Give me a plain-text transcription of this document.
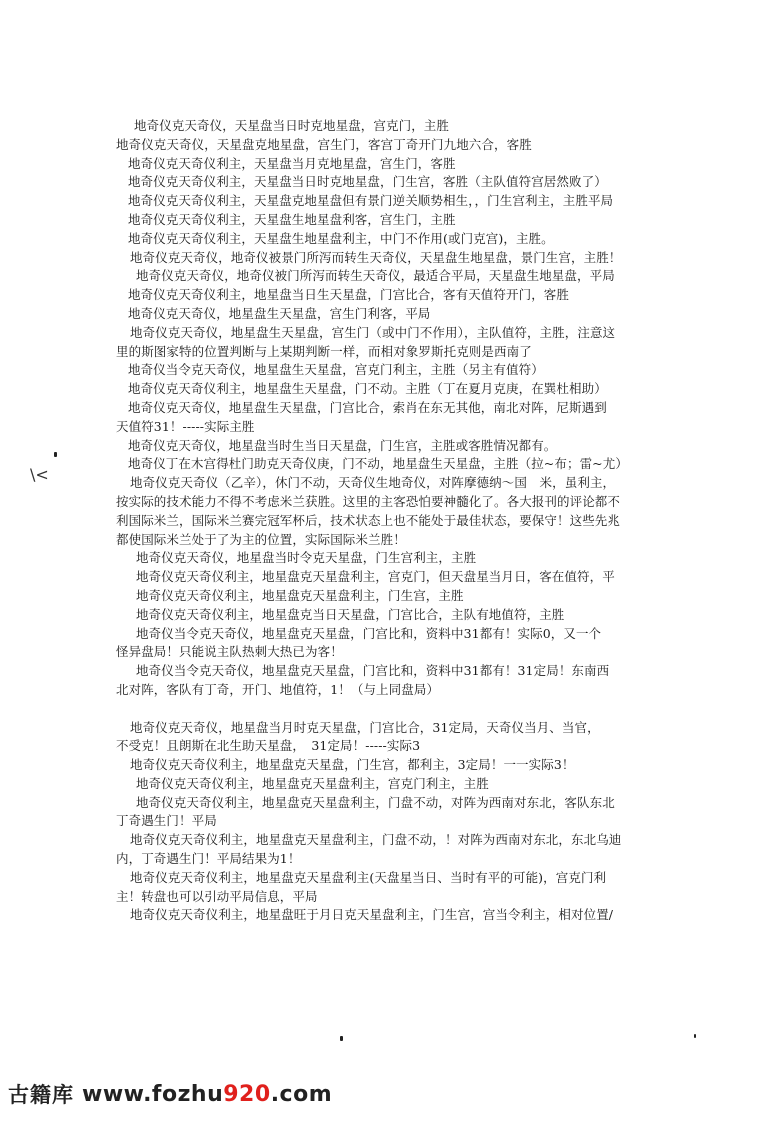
地奇仪克天奇仪，天星盘当日时克地星盘，宫克门，主胜
地奇仪克天奇仪，天星盘克地星盘，宫生门，客宫丁奇开门九地六合，客胜
地奇仪克天奇仪利主，天星盘当月克地星盘，宫生门，客胜
地奇仪克天奇仪利主，天星盘当日时克地星盘，门生宫，客胜（主队值符宫居然败了）
地奇仪克天奇仪利主，天星盘克地星盘但有景门逆关顺势相生，，门生宫利主，主胜平局
地奇仪克天奇仪利主，天星盘生地星盘利客，宫生门，主胜
地奇仪克天奇仪利主，天星盘生地星盘利主，中门不作用(或门克宫)，主胜。
地奇仪克天奇仪，地奇仪被景门所泻而转生天奇仪，天星盘生地星盘，景门生宫，主胜！
地奇仪克天奇仪，地奇仪被门所泻而转生天奇仪，最适合平局，天星盘生地星盘，平局
地奇仪克天奇仪利主，地星盘当日生天星盘，门宫比合，客有天值符开门，客胜
地奇仪克天奇仪，地星盘生天星盘，宫生门利客，平局
地奇仪克天奇仪，地星盘生天星盘，宫生门（或中门不作用），主队值符，主胜，注意这
里的斯图家特的位置判断与上某期判断一样，而相对象罗斯托克则是西南了
地奇仪当令克天奇仪，地星盘生天星盘，宫克门利主，主胜（另主有值符）
地奇仪克天奇仪利主，地星盘生天星盘，门不动。主胜（丁在夏月克庚，在巽杜相助）
地奇仪克天奇仪，地星盘生天星盘，门宫比合，索肖在东无其他，南北对阵，尼斯遇到
天值符31！-----实际主胜
地奇仪克天奇仪，地星盘当时生当日天星盘，门生宫，主胜或客胜情况都有。
地奇仪丁在木宫得杜门助克天奇仪庚，门不动，地星盘生天星盘，主胜（拉~布；雷~尤）
地奇仪克天奇仪（乙辛），休门不动，天奇仪生地奇仪，对阵摩德纳～国　米，虽利主，
按实际的技术能力不得不考虑米兰获胜。这里的主客恐怕要神髓化了。各大报刊的评论都不
利国际米兰，国际米兰赛完冠军杯后，技术状态上也不能处于最佳状态，要保守！这些先兆
都使国际米兰处于了为主的位置，实际国际米兰胜！
地奇仪克天奇仪，地星盘当时令克天星盘，门生宫利主，主胜
地奇仪克天奇仪利主，地星盘克天星盘利主，宫克门，但天盘星当月日，客在值符，平
地奇仪克天奇仪利主，地星盘克天星盘利主，门生宫，主胜
地奇仪克天奇仪利主，地星盘克当日天星盘，门宫比合，主队有地值符，主胜
地奇仪当令克天奇仪，地星盘克天星盘，门宫比和，资料中31都有！实际0，又一个
怪异盘局！只能说主队热刺大热已为客！
地奇仪当令克天奇仪，地星盘克天星盘，门宫比和，资料中31都有！31定局！东南西
北对阵，客队有丁奇，开门、地值符，1！（与上同盘局）
地奇仪克天奇仪，地星盘当月时克天星盘，门宫比合，31定局，天奇仪当月、当官，
不受克！且朗斯在北生助天星盘，　31定局！-----实际3
地奇仪克天奇仪利主，地星盘克天星盘，门生宫，都利主，3定局！一一实际3！
地奇仪克天奇仪利主，地星盘克天星盘利主，宫克门利主，主胜
地奇仪克天奇仪利主，地星盘克天星盘利主，门盘不动，对阵为西南对东北，客队东北
丁奇遇生门！平局
地奇仪克天奇仪利主，地星盘克天星盘利主，门盘不动，！对阵为西南对东北，东北乌迪
内，丁奇遇生门！平局结果为1！
地奇仪克天奇仪利主，地星盘克天星盘利主(天盘星当日、当时有平的可能)，宫克门利
主！转盘也可以引动平局信息，平局
地奇仪克天奇仪利主，地星盘旺于月日克天星盘利主，门生宫，宫当令利主，相对位置/
\<
古籍库 www.fozhu920.com
